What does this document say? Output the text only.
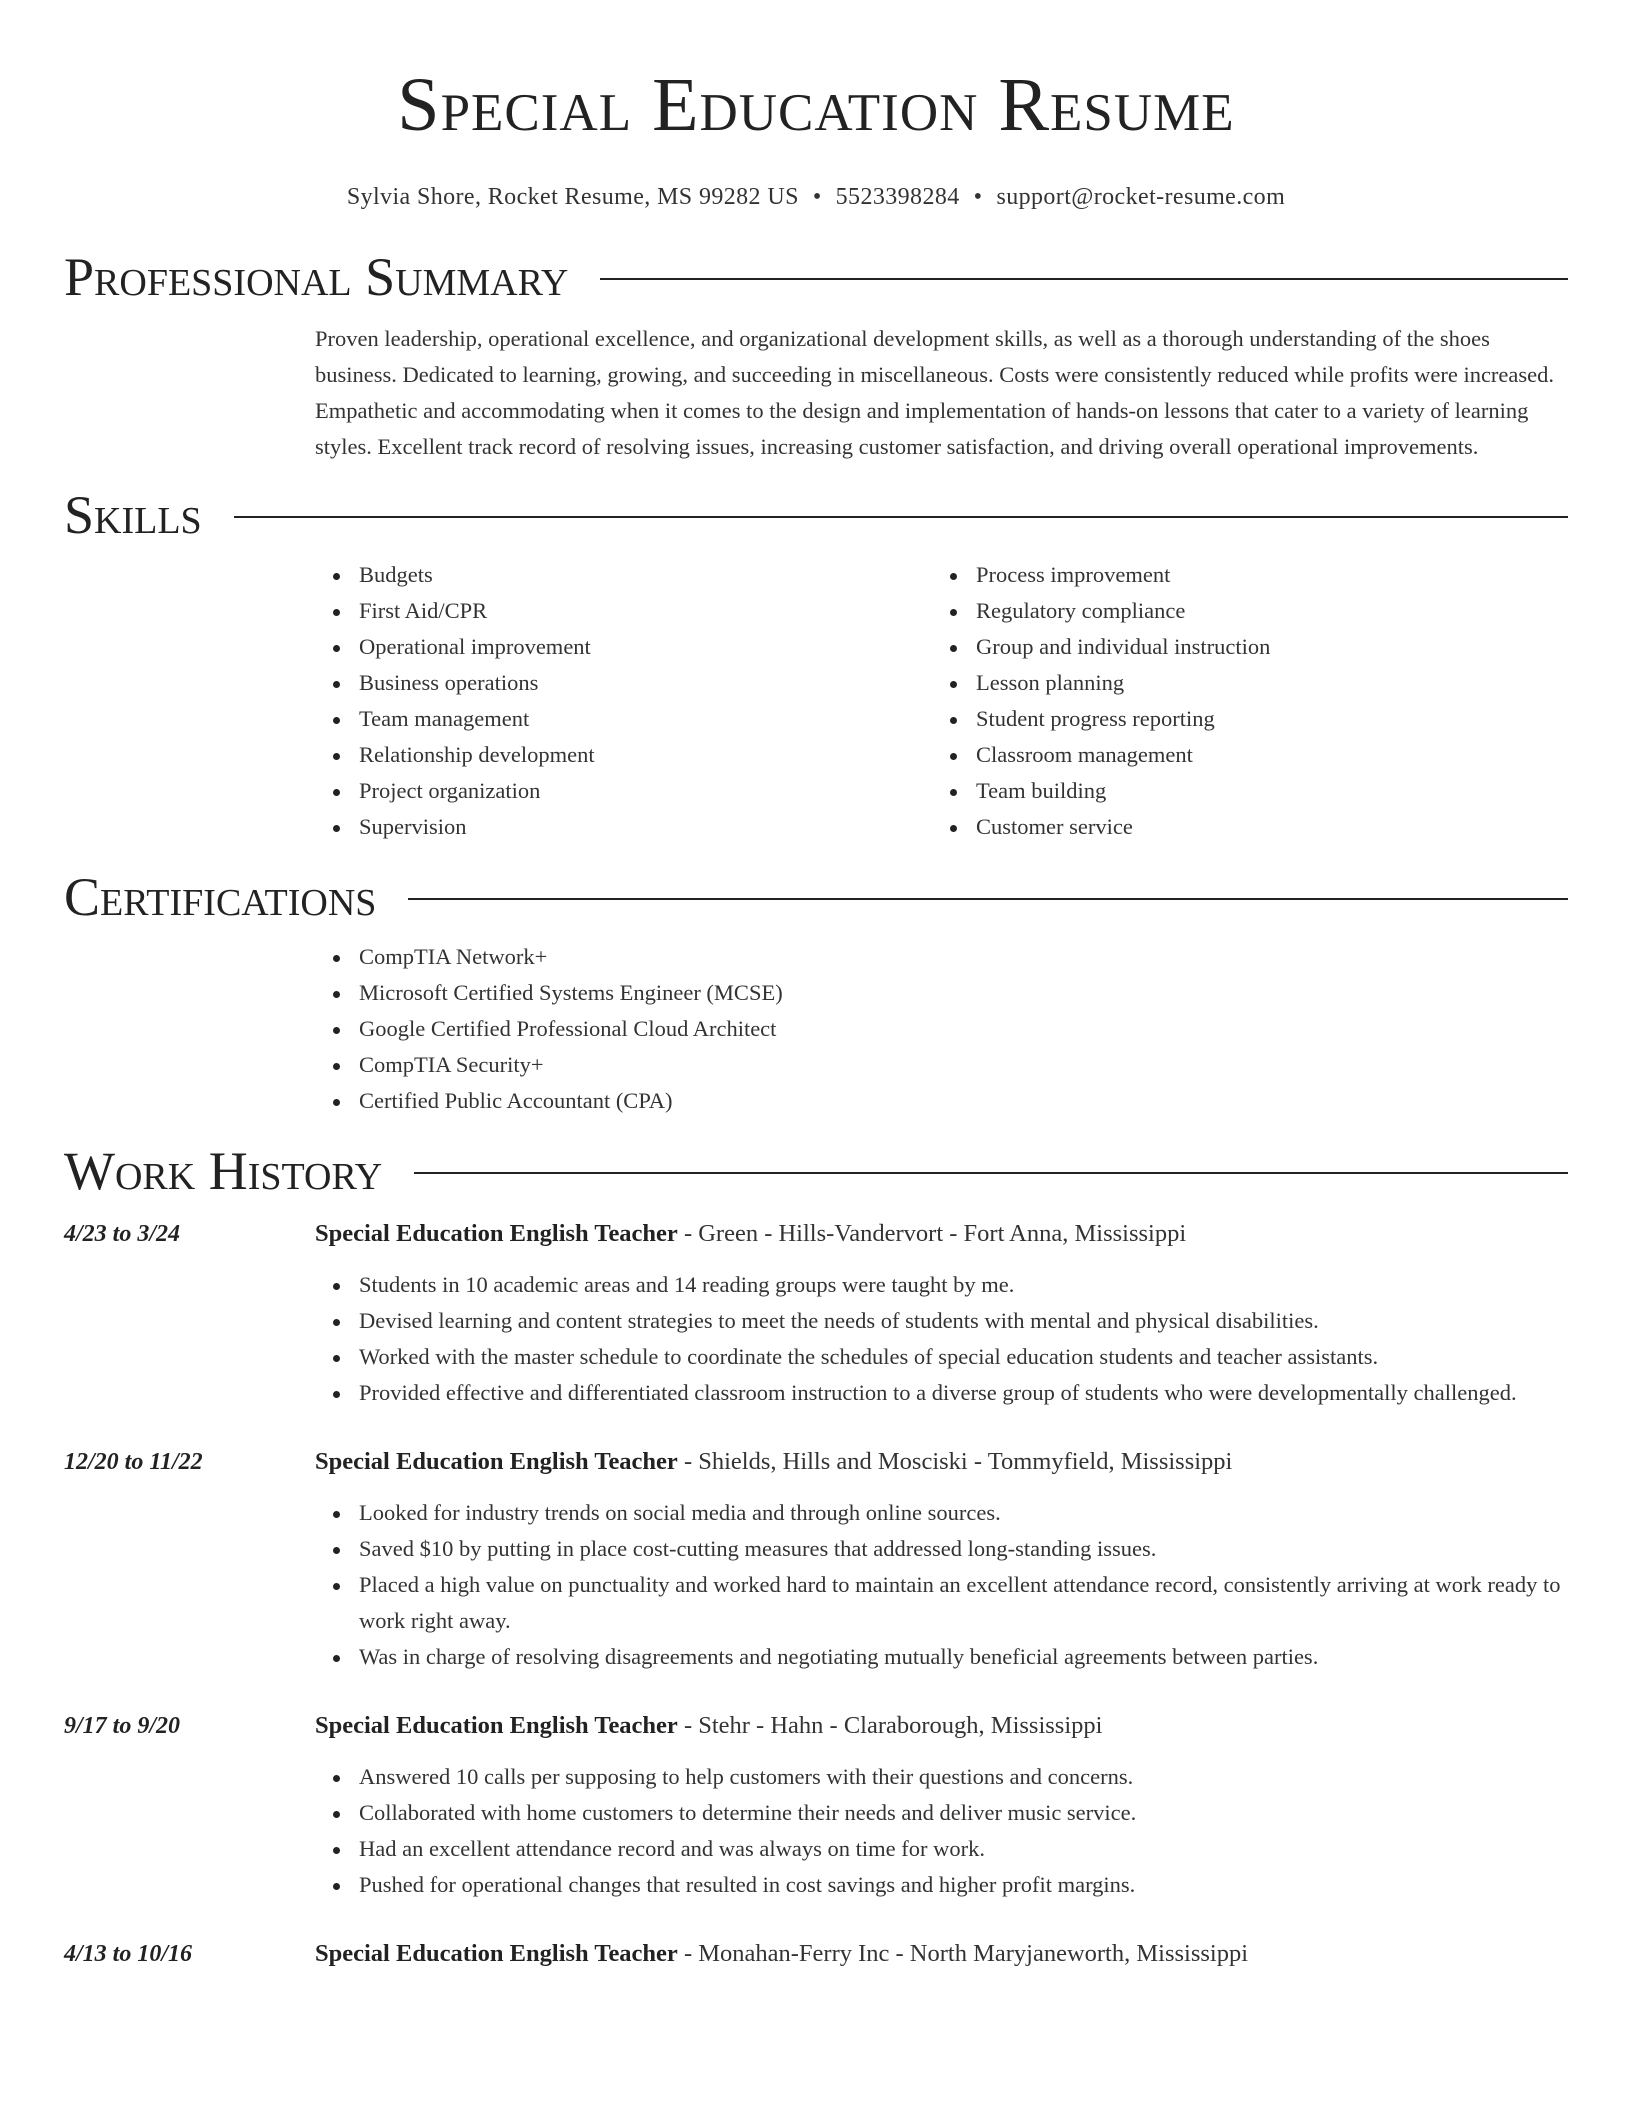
Special Education Resume
Sylvia Shore, Rocket Resume, MS 99282 US • 5523398284 • support@rocket-resume.com
Professional Summary

Proven leadership, operational excellence, and organizational development skills, as well as a thorough understanding of the shoes business. Dedicated to learning, growing, and succeeding in miscellaneous. Costs were consistently reduced while profits were increased. Empathetic and accommodating when it comes to the design and implementation of hands-on lessons that cater to a variety of learning styles. Excellent track record of resolving issues, increasing customer satisfaction, and driving overall operational improvements.

Skills
Budgets
First Aid/CPR
Operational improvement
Business operations
Team management
Relationship development
Project organization
Supervision
Process improvement
Regulatory compliance
Group and individual instruction
Lesson planning
Student progress reporting
Classroom management
Team building
Customer service
Certifications
CompTIA Network+
Microsoft Certified Systems Engineer (MCSE)
Google Certified Professional Cloud Architect
CompTIA Security+
Certified Public Accountant (CPA)
Work History
4/23 to 3/24	Special Education English Teacher - Green - Hills-Vandervort - Fort Anna, Mississippi
Students in 10 academic areas and 14 reading groups were taught by me.
Devised learning and content strategies to meet the needs of students with mental and physical disabilities.
Worked with the master schedule to coordinate the schedules of special education students and teacher assistants.
Provided effective and differentiated classroom instruction to a diverse group of students who were developmentally challenged.
12/20 to 11/22	Special Education English Teacher - Shields, Hills and Mosciski - Tommyfield, Mississippi
Looked for industry trends on social media and through online sources.
Saved $10 by putting in place cost-cutting measures that addressed long-standing issues.
Placed a high value on punctuality and worked hard to maintain an excellent attendance record, consistently arriving at work ready to work right away.
Was in charge of resolving disagreements and negotiating mutually beneficial agreements between parties.
9/17 to 9/20	Special Education English Teacher - Stehr - Hahn - Claraborough, Mississippi
Answered 10 calls per supposing to help customers with their questions and concerns.
Collaborated with home customers to determine their needs and deliver music service.
Had an excellent attendance record and was always on time for work.
Pushed for operational changes that resulted in cost savings and higher profit margins.
4/13 to 10/16	Special Education English Teacher - Monahan-Ferry Inc - North Maryjaneworth, Mississippi
